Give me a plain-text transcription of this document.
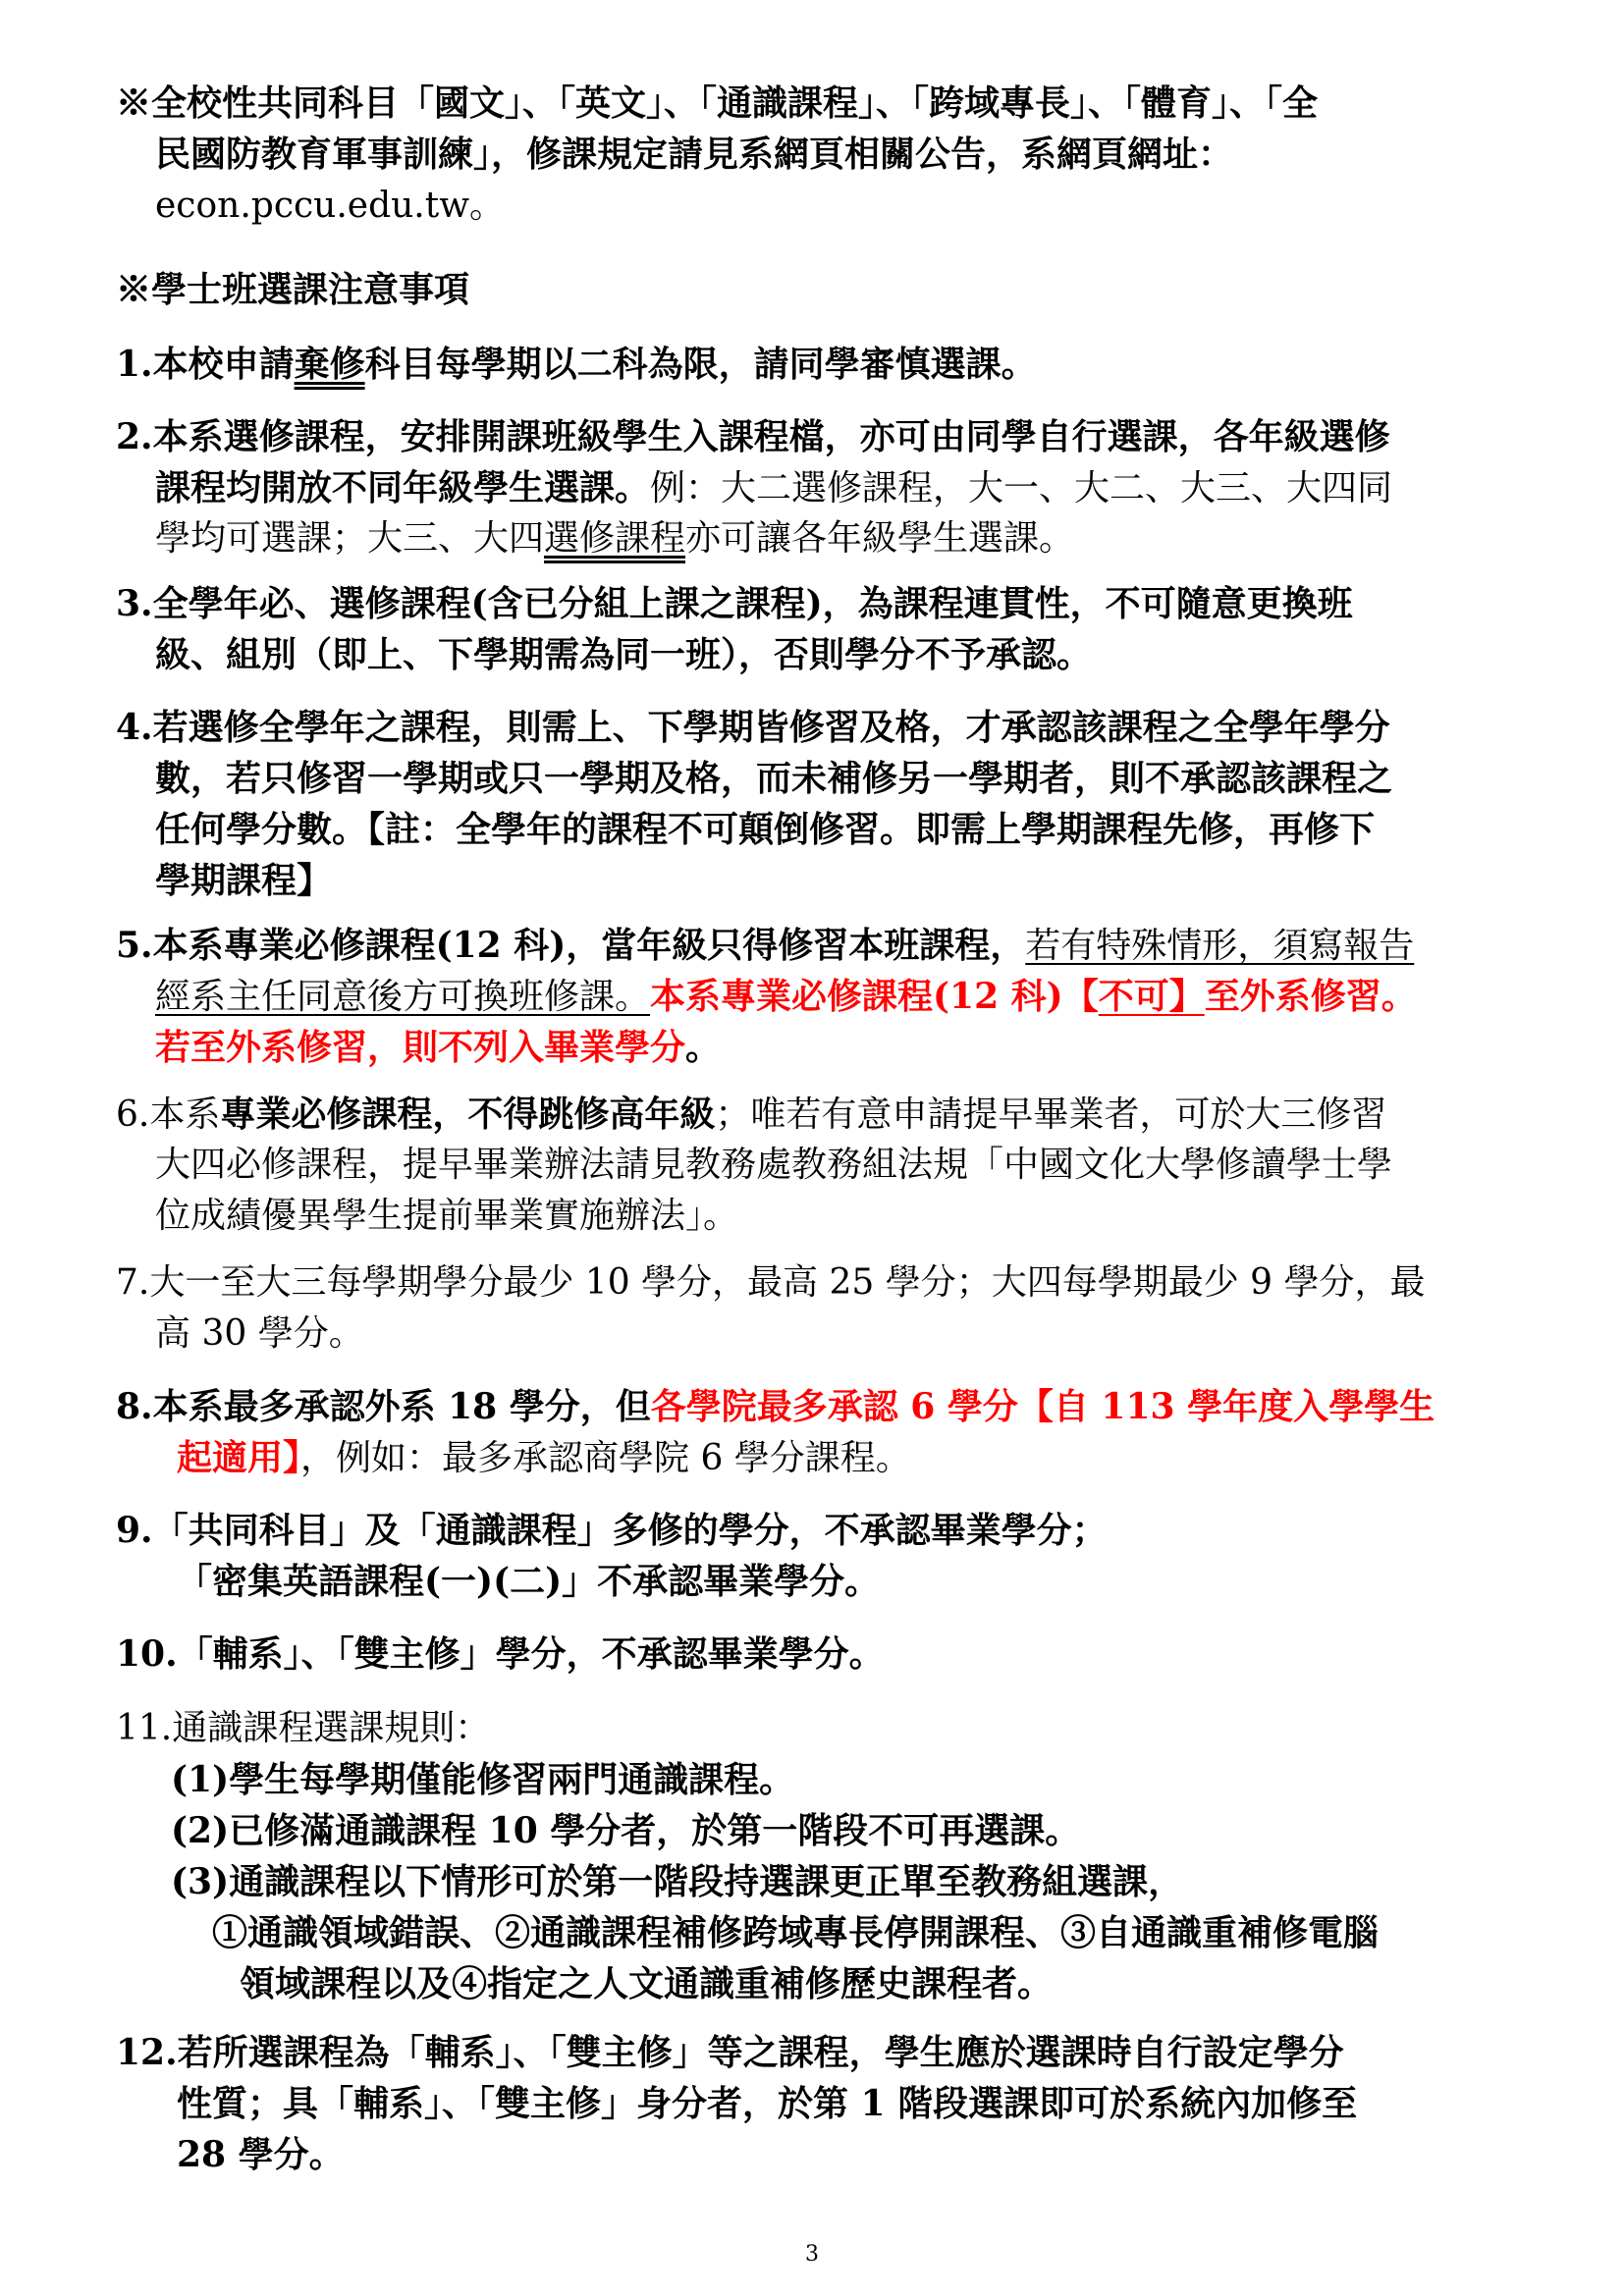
※全校性共同科目「國文」、「英文」、「通識課程」、「跨域專長」、「體育」、「全
民國防教育軍事訓練」，修課規定請見系網頁相關公告，系網頁網址：
econ.pccu.edu.tw。
※學士班選課注意事項
1.本校申請棄修科目每學期以二科為限，請同學審慎選課。
2.本系選修課程，安排開課班級學生入課程檔，亦可由同學自行選課，各年級選修
課程均開放不同年級學生選課。例：大二選修課程，大一、大二、大三、大四同
學均可選課；大三、大四選修課程亦可讓各年級學生選課。
3.全學年必、選修課程(含已分組上課之課程)，為課程連貫性，不可隨意更換班
級、組別（即上、下學期需為同一班），否則學分不予承認。
4.若選修全學年之課程，則需上、下學期皆修習及格，才承認該課程之全學年學分
數，若只修習一學期或只一學期及格，而未補修另一學期者，則不承認該課程之
任何學分數。【註：全學年的課程不可顛倒修習。即需上學期課程先修，再修下
學期課程】
5.本系專業必修課程(12 科)，當年級只得修習本班課程，若有特殊情形，須寫報告
經系主任同意後方可換班修課。本系專業必修課程(12 科)【不可】至外系修習。
若至外系修習，則不列入畢業學分。
6.本系專業必修課程，不得跳修高年級；唯若有意申請提早畢業者，可於大三修習
大四必修課程，提早畢業辦法請見教務處教務組法規「中國文化大學修讀學士學
位成績優異學生提前畢業實施辦法」。
7.大一至大三每學期學分最少 10 學分，最高 25 學分；大四每學期最少 9 學分，最
高 30 學分。
8.本系最多承認外系 18 學分，但各學院最多承認 6 學分【自 113 學年度入學學生
起適用】，例如：最多承認商學院 6 學分課程。
9.「共同科目」及「通識課程」多修的學分，不承認畢業學分；
「密集英語課程(一)(二)」不承認畢業學分。
10.「輔系」、「雙主修」學分，不承認畢業學分。
11.通識課程選課規則：
(1)學生每學期僅能修習兩門通識課程。
(2)已修滿通識課程 10 學分者，於第一階段不可再選課。
(3)通識課程以下情形可於第一階段持選課更正單至教務組選課，
①通識領域錯誤、②通識課程補修跨域專長停開課程、③自通識重補修電腦
領域課程以及④指定之人文通識重補修歷史課程者。
12.若所選課程為「輔系」、「雙主修」等之課程，學生應於選課時自行設定學分
性質；具「輔系」、「雙主修」身分者，於第 1 階段選課即可於系統內加修至
28 學分。
3
